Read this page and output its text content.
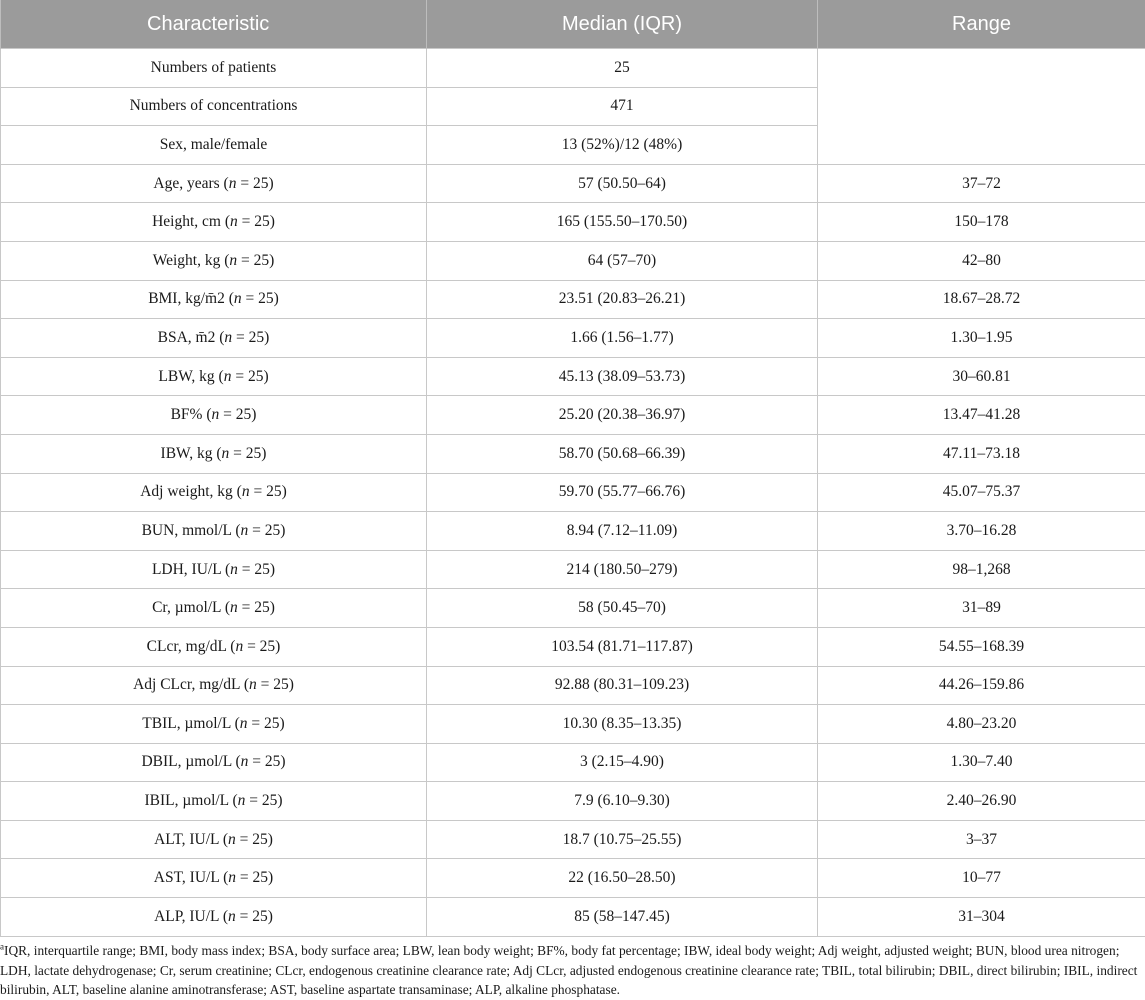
Characteristic	Median (IQR)	Range
Numbers of patients	25	
Numbers of concentrations	471	
Sex, male/female	13 (52%)/12 (48%)	
Age, years (n = 25)	57 (50.50–64)	37–72
Height, cm (n = 25)	165 (155.50–170.50)	150–178
Weight, kg (n = 25)	64 (57–70)	42–80
BMI, kg/m̄2 (n = 25)	23.51 (20.83–26.21)	18.67–28.72
BSA, m̄2 (n = 25)	1.66 (1.56–1.77)	1.30–1.95
LBW, kg (n = 25)	45.13 (38.09–53.73)	30–60.81
BF% (n = 25)	25.20 (20.38–36.97)	13.47–41.28
IBW, kg (n = 25)	58.70 (50.68–66.39)	47.11–73.18
Adj weight, kg (n = 25)	59.70 (55.77–66.76)	45.07–75.37
BUN, mmol/L (n = 25)	8.94 (7.12–11.09)	3.70–16.28
LDH, IU/L (n = 25)	214 (180.50–279)	98–1,268
Cr, µmol/L (n = 25)	58 (50.45–70)	31–89
CLcr, mg/dL (n = 25)	103.54 (81.71–117.87)	54.55–168.39
Adj CLcr, mg/dL (n = 25)	92.88 (80.31–109.23)	44.26–159.86
TBIL, µmol/L (n = 25)	10.30 (8.35–13.35)	4.80–23.20
DBIL, µmol/L (n = 25)	3 (2.15–4.90)	1.30–7.40
IBIL, µmol/L (n = 25)	7.9 (6.10–9.30)	2.40–26.90
ALT, IU/L (n = 25)	18.7 (10.75–25.55)	3–37
AST, IU/L (n = 25)	22 (16.50–28.50)	10–77
ALP, IU/L (n = 25)	85 (58–147.45)	31–304
$^a$IQR, interquartile range; BMI, body mass index; BSA, body surface area; LBW, lean body weight; BF%, body fat percentage; IBW, ideal body weight; Adj weight, adjusted weight; BUN, blood urea nitrogen; LDH, lactate dehydrogenase; Cr, serum creatinine; CLcr, endogenous creatinine clearance rate; Adj CLcr, adjusted endogenous creatinine clearance rate; TBIL, total bilirubin; DBIL, direct bilirubin; IBIL, indirect bilirubin, ALT, baseline alanine aminotransferase; AST, baseline aspartate transaminase; ALP, alkaline phosphatase.
